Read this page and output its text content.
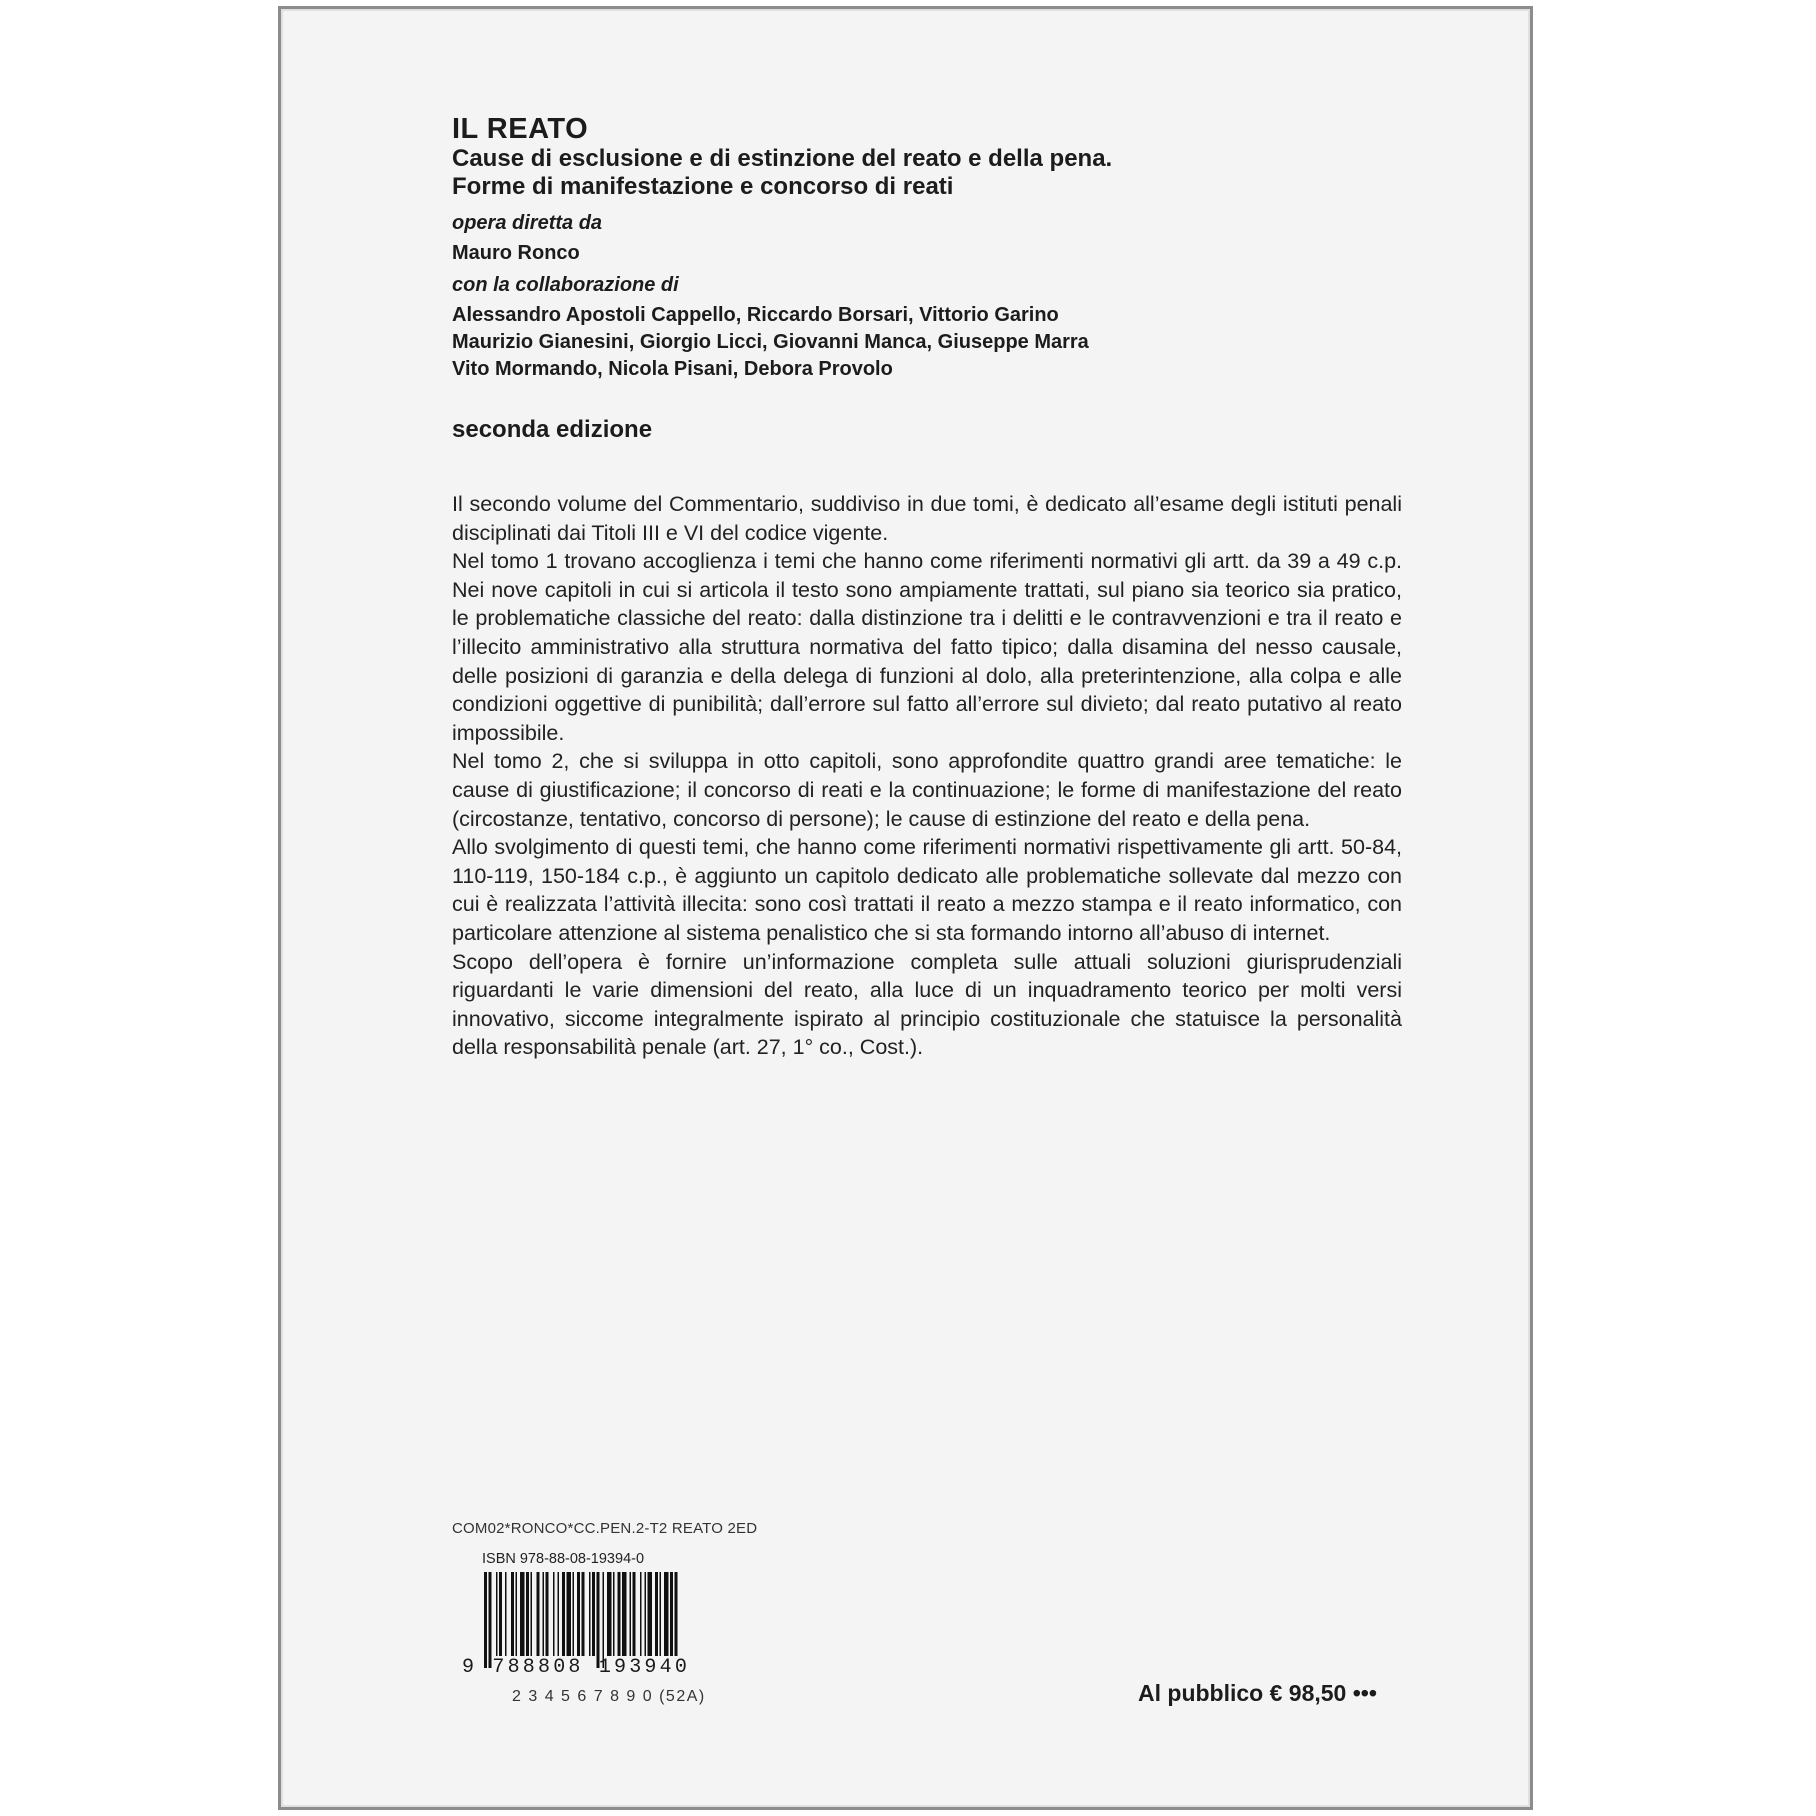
IL REATO
Cause di esclusione e di estinzione del reato e della pena.
Forme di manifestazione e concorso di reati
opera diretta da
Mauro Ronco
con la collaborazione di
Alessandro Apostoli Cappello, Riccardo Borsari, Vittorio Garino
Maurizio Gianesini, Giorgio Licci, Giovanni Manca, Giuseppe Marra
Vito Mormando, Nicola Pisani, Debora Provolo
seconda edizione

Il secondo volume del Commentario, suddiviso in due tomi, è dedicato all’esame degli istituti penali disciplinati dai Titoli III e VI del codice vigente.

Nel tomo 1 trovano accoglienza i temi che hanno come riferimenti normativi gli artt. da 39 a 49 c.p. Nei nove capitoli in cui si articola il testo sono ampiamente trattati, sul piano sia teorico sia pratico, le problematiche classiche del reato: dalla distinzione tra i delitti e le contravvenzioni e tra il reato e l’illecito amministrativo alla struttura normativa del fatto tipico; dalla disamina del nesso causale, delle posizioni di garanzia e della delega di funzioni al dolo, alla preterintenzione, alla colpa e alle condizioni oggettive di punibilità; dall’errore sul fatto all’errore sul divieto; dal reato putativo al reato impossibile.

Nel tomo 2, che si sviluppa in otto capitoli, sono approfondite quattro grandi aree tematiche: le cause di giustificazione; il concorso di reati e la continuazione; le forme di manifestazione del reato (circostanze, tentativo, concorso di persone); le cause di estinzione del reato e della pena.

Allo svolgimento di questi temi, che hanno come riferimenti normativi rispettivamente gli artt. 50-84, 110-119, 150-184 c.p., è aggiunto un capitolo dedicato alle problematiche sollevate dal mezzo con cui è realizzata l’attività illecita: sono così trattati il reato a mezzo stampa e il reato informatico, con particolare attenzione al sistema penalistico che si sta formando intorno all’abuso di internet.

Scopo dell’opera è fornire un’informazione completa sulle attuali soluzioni giurisprudenziali riguardanti le varie dimensioni del reato, alla luce di un inquadramento teorico per molti versi innovativo, siccome integralmente ispirato al principio costituzionale che statuisce la personalità della responsabilità penale (art. 27, 1° co., Cost.).

COM02*RONCO*CC.PEN.2-T2 REATO 2ED
ISBN 978-88-08-19394-0
9 788808 193940
2 3 4 5 6 7 8 9 0 (52A)	Al pubblico € 98,50 •••
